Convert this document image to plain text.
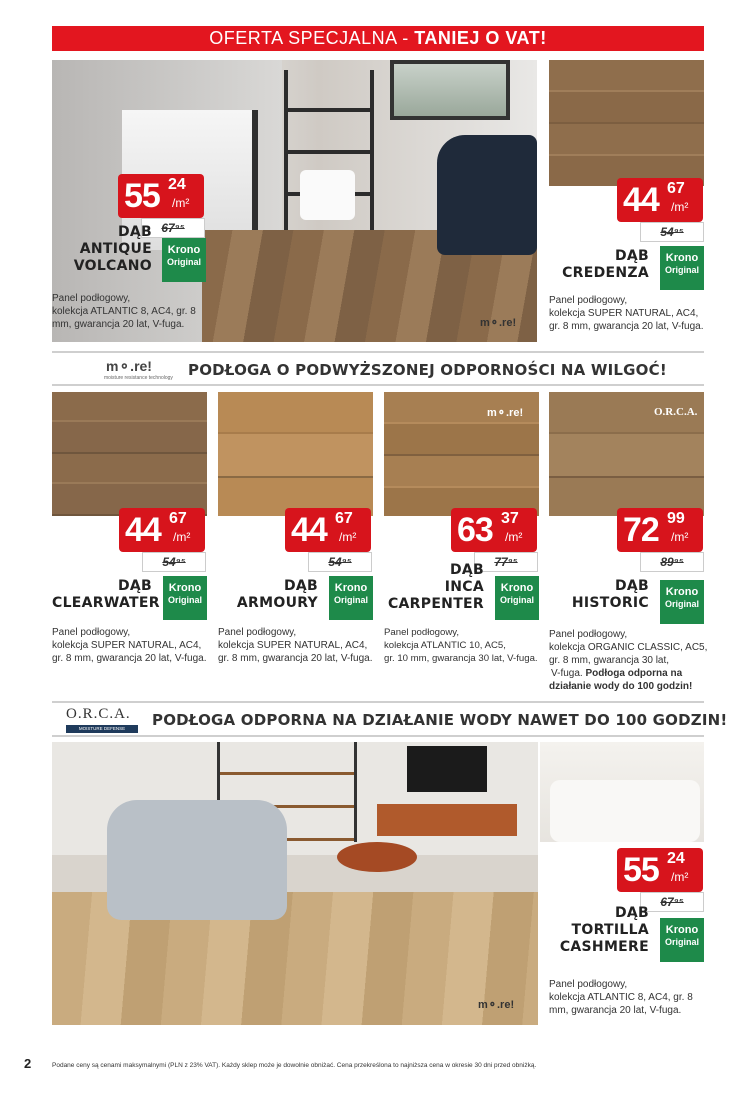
OFERTA SPECJALNA - TANIEJ O VAT!
m⚬.re!
55 24
/m²
67⁹⁵
DĄB
ANTIQUE
VOLCANO
Krono
Original
Panel podłogowy,
kolekcja ATLANTIC 8, AC4, gr. 8
mm, gwarancja 20 lat, V-fuga.
44 67
/m²
54⁹⁵
DĄB
CREDENZA
Krono
Original
Panel podłogowy,
kolekcja SUPER NATURAL, AC4,
gr. 8 mm, gwarancja 20 lat, V-fuga.
m⚬.re!
moisture resistance technology PODŁOGA O PODWYŻSZONEJ ODPORNOŚCI NA WILGOĆ!
m⚬.re!	O.R.C.A.
44 67
/m²
54⁹⁵
DĄB
CLEARWATER
Krono
Original
Panel podłogowy,
kolekcja SUPER NATURAL, AC4,
gr. 8 mm, gwarancja 20 lat, V-fuga.
44 67
/m²
54⁹⁵
DĄB
ARMOURY
Krono
Original
Panel podłogowy,
kolekcja SUPER NATURAL, AC4,
gr. 8 mm, gwarancja 20 lat, V-fuga.
63 37
/m²
77⁹⁵
DĄB
INCA
CARPENTER
Krono
Original
Panel podłogowy,
kolekcja ATLANTIC 10, AC5,
gr. 10 mm, gwarancja 30 lat, V-fuga.
72 99
/m²
89⁹⁵
DĄB
HISTORIC
Krono
Original
Panel podłogowy,
kolekcja ORGANIC CLASSIC, AC5,
gr. 8 mm, gwarancja 30 lat,
V-fuga. Podłoga odporna na
działanie wody do 100 godzin!
O.R.C.A.
MOISTURE DEFENSE	PODŁOGA ODPORNA NA DZIAŁANIE WODY NAWET DO 100 GODZIN!
m⚬.re!
55 24
/m²
67⁹⁵
DĄB
TORTILLA
CASHMERE
Krono
Original
Panel podłogowy,
kolekcja ATLANTIC 8, AC4, gr. 8
mm, gwarancja 20 lat, V-fuga.
2	Podane ceny są cenami maksymalnymi (PLN z 23% VAT). Każdy sklep może je dowolnie obniżać. Cena przekreślona to najniższa cena w okresie 30 dni przed obniżką.
